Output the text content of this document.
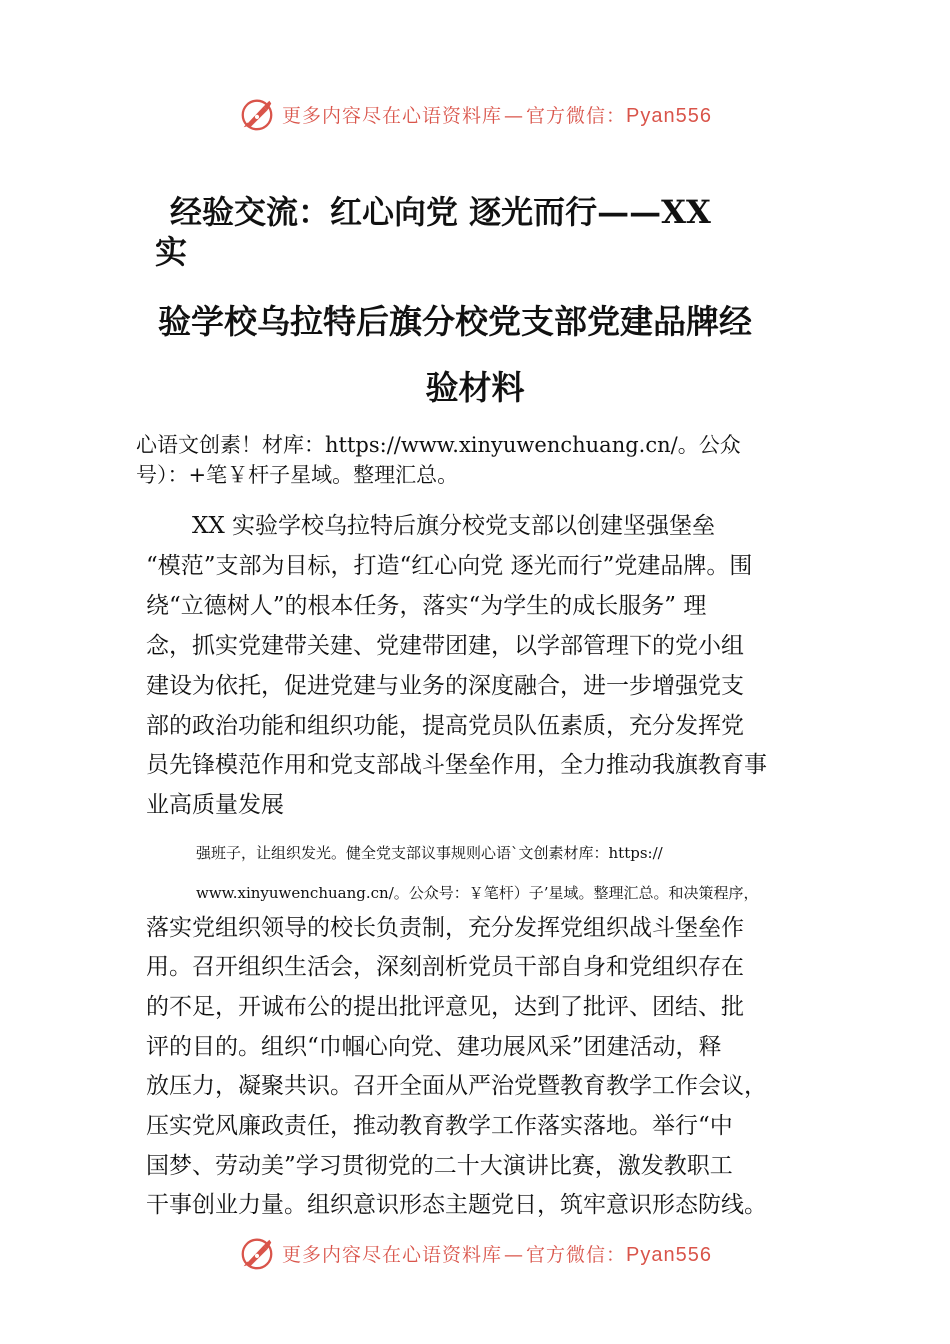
更多内容尽在心语资料库 — 官方微信：Pyan556
经验交流：红心向党 逐光而行——XX
实
验学校乌拉特后旗分校党支部党建品牌经
验材料
心语文创素！材库：https://www.xinyuwenchuang.cn/。公众
号）：+笔￥杆子星域。整理汇总。
　　XX 实验学校乌拉特后旗分校党支部以创建坚强堡垒
“模范”支部为目标，打造“红心向党 逐光而行”党建品牌。围
绕“立德树人”的根本任务，落实“为学生的成长服务” 理
念，抓实党建带关建、党建带团建，以学部管理下的党小组
建设为依托，促进党建与业务的深度融合，进一步增强党支
部的政治功能和组织功能，提高党员队伍素质，充分发挥党
员先锋模范作用和党支部战斗堡垒作用，全力推动我旗教育事
业高质量发展
强班子，让组织发光。健全党支部议事规则心语`文创素材库：https://
www.xinyuwenchuang.cn/。公众号：￥笔杆）子’星域。整理汇总。和决策程序，
落实党组织领导的校长负责制，充分发挥党组织战斗堡垒作
用。召开组织生活会，深刻剖析党员干部自身和党组织存在
的不足，开诚布公的提出批评意见，达到了批评、团结、批
评的目的。组织“巾帼心向党、建功展风采”团建活动，释
放压力，凝聚共识。召开全面从严治党暨教育教学工作会议，
压实党风廉政责任，推动教育教学工作落实落地。举行“中
国梦、劳动美”学习贯彻党的二十大演讲比赛，激发教职工
干事创业力量。组织意识形态主题党日，筑牢意识形态防线。
更多内容尽在心语资料库 — 官方微信：Pyan556
